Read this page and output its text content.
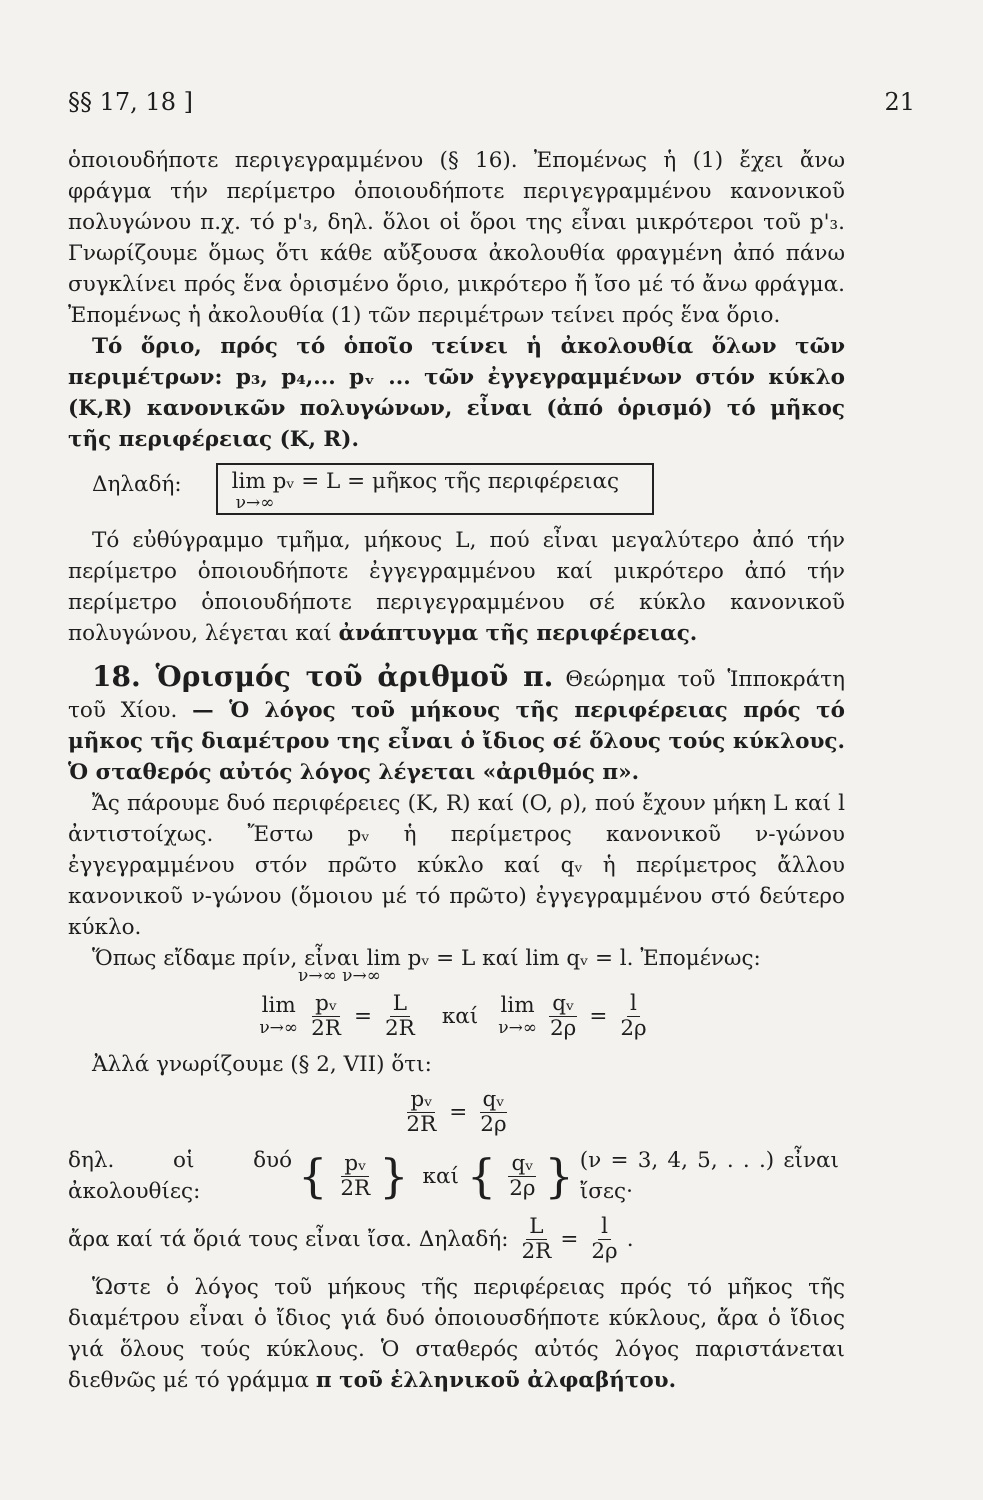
§§ 17, 18 ]	21

ὁποιουδήποτε περιγεγραμμένου (§ 16). Ἐπομένως ἡ (1) ἔχει ἄνω φράγμα τήν περίμετρο ὁποιουδήποτε περιγεγραμμένου κανονικοῦ πολυγώνου π.χ. τό p'₃, δηλ. ὅλοι οἱ ὅροι της εἶναι μικρότεροι τοῦ p'₃. Γνωρίζουμε ὅμως ὅτι κάθε αὔξουσα ἀκολουθία φραγμένη ἀπό πάνω συγκλίνει πρός ἕνα ὁρισμένο ὅριο, μικρότερο ἤ ἴσο μέ τό ἄνω φράγμα. Ἐπομένως ἡ ἀκολουθία (1) τῶν περιμέτρων τείνει πρός ἕνα ὅριο.

Τό ὅριο, πρός τό ὁποῖο τείνει ἡ ἀκολουθία ὅλων τῶν περιμέτρων: p₃, p₄,... pᵥ ... τῶν ἐγγεγραμμένων στόν κύκλο (K,R) κανονικῶν πολυγώνων, εἶναι (ἀπό ὁρισμό) τό μῆκος τῆς περιφέρειας (K, R).

Δηλαδή: lim pᵥ = L = μῆκος τῆς περιφέρειας
ν→∞

Τό εὐθύγραμμο τμῆμα, μήκους L, πού εἶναι μεγαλύτερο ἀπό τήν περίμετρο ὁποιουδήποτε ἐγγεγραμμένου καί μικρότερο ἀπό τήν περίμετρο ὁποιουδήποτε περιγεγραμμένου σέ κύκλο κανονικοῦ πολυγώνου, λέγεται καί ἀνάπτυγμα τῆς περιφέρειας.

18. Ὁρισμός τοῦ ἀριθμοῦ π. Θεώρημα τοῦ Ἱπποκράτη τοῦ Χίου. — Ὁ λόγος τοῦ μήκους τῆς περιφέρειας πρός τό μῆκος τῆς διαμέτρου της εἶναι ὁ ἴδιος σέ ὅλους τούς κύκλους. Ὁ σταθερός αὐτός λόγος λέγεται «ἀριθμός π».

Ἄς πάρουμε δυό περιφέρειες (K, R) καί (O, ρ), πού ἔχουν μήκη L καί l ἀντιστοίχως. Ἔστω pᵥ ἡ περίμετρος κανονικοῦ ν-γώνου ἐγγεγραμμένου στόν πρῶτο κύκλο καί qᵥ ἡ περίμετρος ἄλλου κανονικοῦ ν-γώνου (ὅμοιου μέ τό πρῶτο) ἐγγεγραμμένου στό δεύτερο κύκλο.

Ὅπως εἴδαμε πρίν, εἶναι lim pᵥ = L καί lim qᵥ = l. Ἐπομένως:

ν→∞ ν→∞
lim
$\nu\to\infty \frac{\text{pᵥ}}{2R} = \frac{L}{2R}$ καί lim
$\nu\to\infty \frac{\text{qᵥ}}{2\rho} = \frac{l}{2\rho}$

Ἀλλά γνωρίζουμε (§ 2, VII) ὅτι:

$\frac{\text{pᵥ}}{2R} = \frac{\text{qᵥ}}{2\rho}$
δηλ. οἱ δυό ἀκολουθίες:	{ $\frac{\text{pᵥ}}{2R}$ } καί { $\frac{\text{qᵥ}}{2\rho}$ } (ν = 3, 4, 5, . . .) εἶναι ἴσες·
ἄρα καί τά ὅριά τους εἶναι ἴσα. Δηλαδή: $\frac{L}{2R} = \frac{l}{2\rho}$ .

Ὥστε ὁ λόγος τοῦ μήκους τῆς περιφέρειας πρός τό μῆκος τῆς διαμέτρου εἶναι ὁ ἴδιος γιά δυό ὁποιουσδήποτε κύκλους, ἄρα ὁ ἴδιος γιά ὅλους τούς κύκλους. Ὁ σταθερός αὐτός λόγος παριστάνεται διεθνῶς μέ τό γράμμα π τοῦ ἑλληνικοῦ ἀλφαβήτου.
